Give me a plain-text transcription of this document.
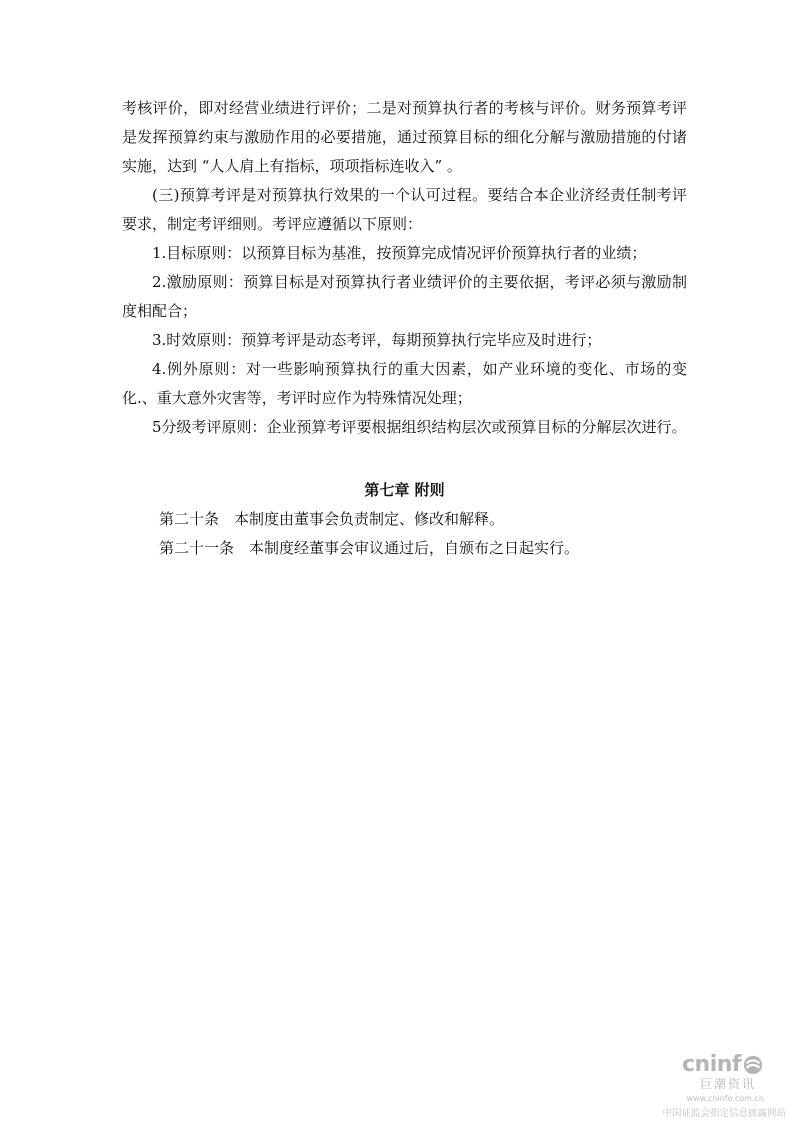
考核评价，即对经营业绩进行评价；二是对预算执行者的考核与评价。财务预算考评是发挥预算约束与激励作用的必要措施，通过预算目标的细化分解与激励措施的付诸实施，达到 “人人肩上有指标，项项指标连收入” 。

(三)预算考评是对预算执行效果的一个认可过程。要结合本企业济经责任制考评要求，制定考评细则。考评应遵循以下原则：

1.目标原则：以预算目标为基准，按预算完成情况评价预算执行者的业绩；

2.激励原则：预算目标是对预算执行者业绩评价的主要依据，考评必须与激励制度相配合；

3.时效原则：预算考评是动态考评，每期预算执行完毕应及时进行；

4.例外原则：对一些影响预算执行的重大因素，如产业环境的变化、市场的变化.、重大意外灾害等，考评时应作为特殊情况处理；

5分级考评原则：企业预算考评要根据组织结构层次或预算目标的分解层次进行。

第七章 附则

第二十条　本制度由董事会负责制定、修改和解释。

第二十一条　本制度经董事会审议通过后，自颁布之日起实行。

cninf
巨潮资讯
www.cninfo.com.cn
中国证监会指定信息披露网站
